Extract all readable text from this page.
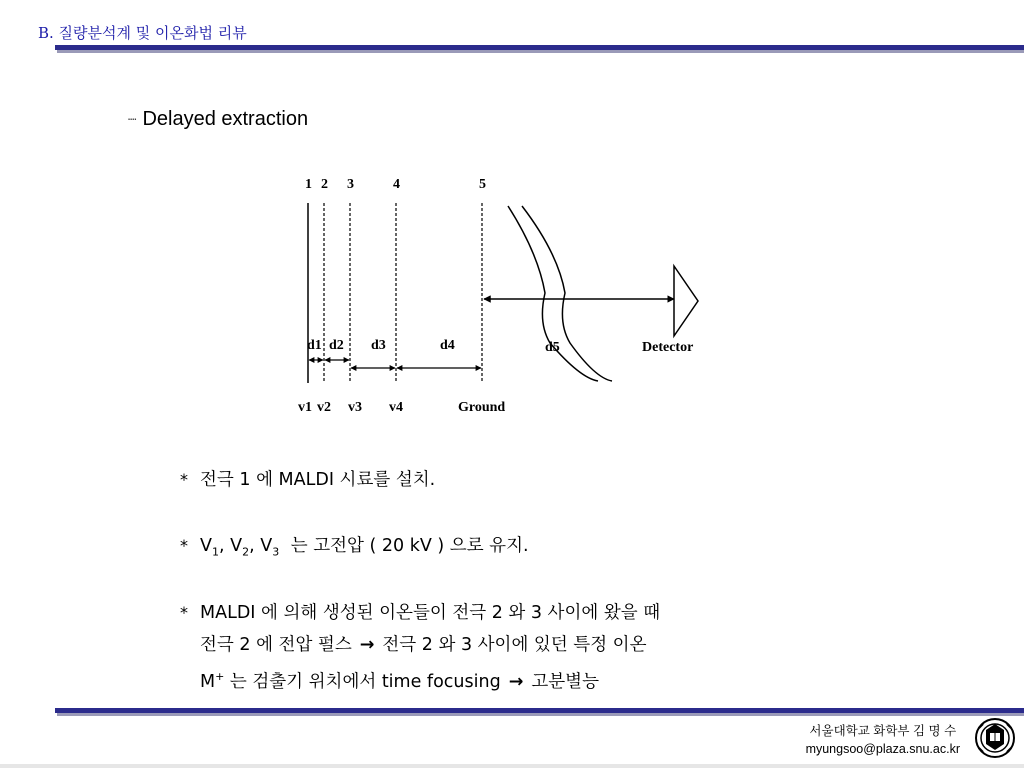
B. 질량분석계 및 이온화법 리뷰
┈ Delayed extraction
1 2 3	4	5
d1 d2 d3	d4	d5	Detector
v1 v2 v3 v4	Ground
* 전극 1 에 MALDI 시료를 설치.
* $V_1$, $V_2$, $V_3$ 는 고전압 ( 20 kV ) 으로 유지.
* MALDI 에 의해 생성된 이온들이 전극 2 와 3 사이에 왔을 때
전극 2 에 전압 펄스 → 전극 2 와 3 사이에 있던 특정 이온
M+ 는 검출기 위치에서 time focusing → 고분별능
서울대학교 화학부 김 명 수
myungsoo@plaza.snu.ac.kr
